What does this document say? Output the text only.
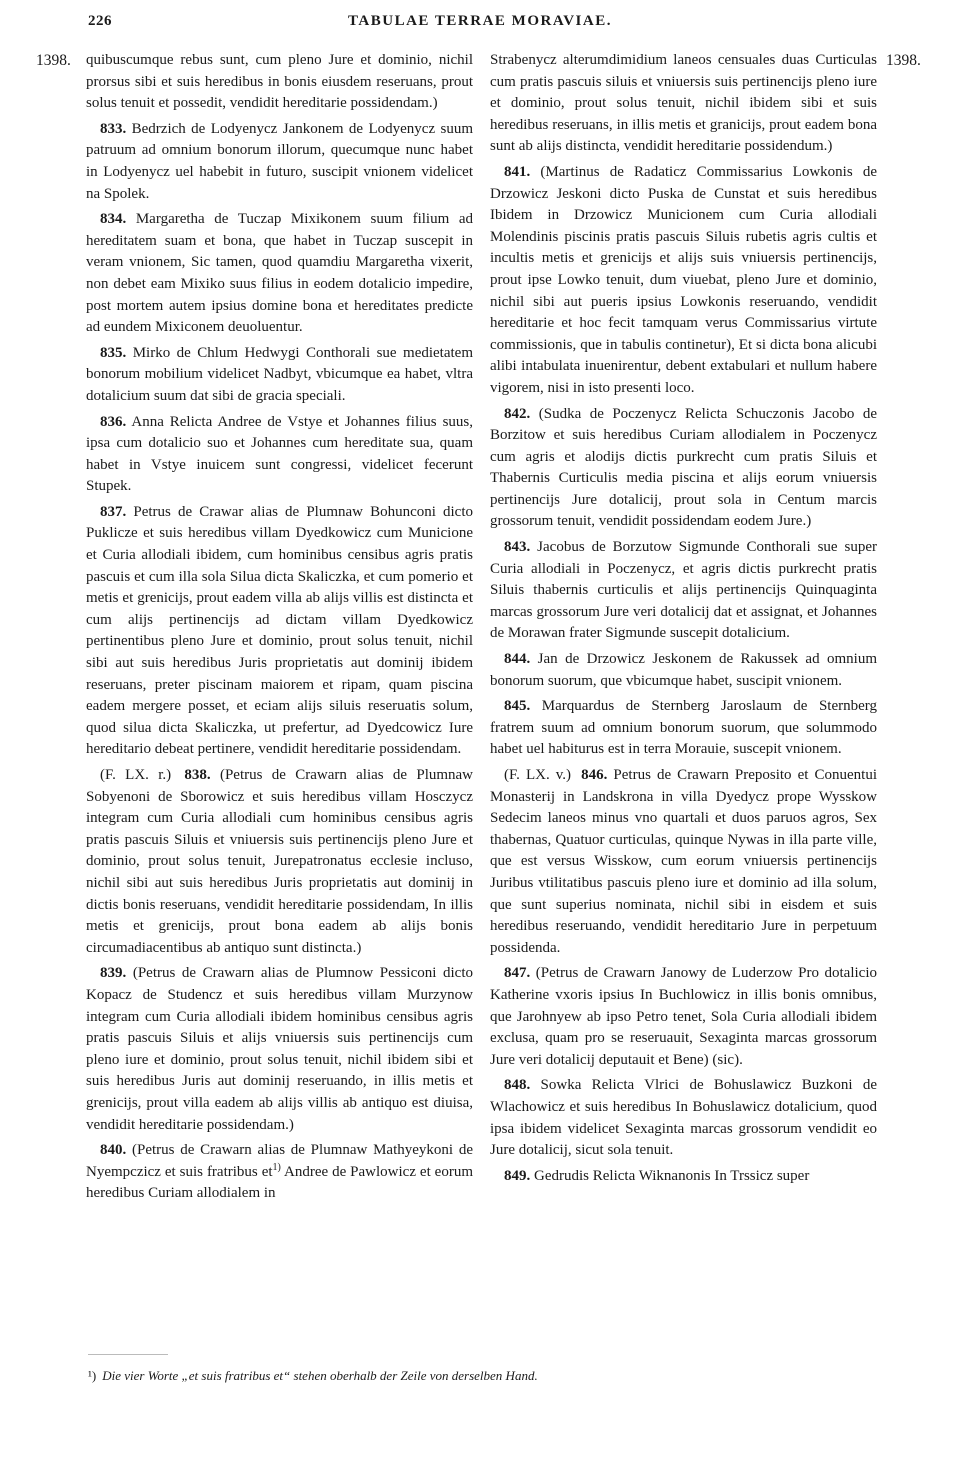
226	TABULAE TERRAE MORAVIAE.
1398.	1398.

quibuscumque rebus sunt, cum pleno Jure et dominio, nichil prorsus sibi et suis heredibus in bonis eiusdem reseruans, prout solus tenuit et possedit, vendidit hereditarie possidendam.)

833. Bedrzich de Lodyenycz Jankonem de Lodyenycz suum patruum ad omnium bonorum illorum, quecumque nunc habet in Lodyenycz uel habebit in futuro, suscipit vnionem videlicet na Spolek.

834. Margaretha de Tuczap Mixikonem suum filium ad hereditatem suam et bona, que habet in Tuczap suscepit in veram vnionem, Sic tamen, quod quamdiu Margaretha vixerit, non debet eam Mixiko suus filius in eodem dotalicio impedire, post mortem autem ipsius domine bona et hereditates predicte ad eundem Mixiconem deuoluentur.

835. Mirko de Chlum Hedwygi Conthorali sue medietatem bonorum mobilium videlicet Nadbyt, vbicumque ea habet, vltra dotalicium suum dat sibi de gracia speciali.

836. Anna Relicta Andree de Vstye et Johannes filius suus, ipsa cum dotalicio suo et Johannes cum hereditate sua, quam habet in Vstye inuicem sunt congressi, videlicet fecerunt Stupek.

837. Petrus de Crawar alias de Plumnaw Bohunconi dicto Puklicze et suis heredibus villam Dyedkowicz cum Municione et Curia allodiali ibidem, cum hominibus censibus agris pratis pascuis et cum illa sola Silua dicta Skaliczka, et cum pomerio et metis et grenicijs, prout eadem villa ab alijs villis est distincta et cum alijs pertinencijs ad dictam villam Dyedkowicz pertinentibus pleno Jure et dominio, prout solus tenuit, nichil sibi aut suis heredibus Juris proprietatis aut dominij ibidem reseruans, preter piscinam maiorem et ripam, quam piscina eadem mergere posset, et eciam alijs siluis reseruatis solum, quod silua dicta Skaliczka, ut prefertur, ad Dyedcowicz Iure hereditario debeat pertinere, vendidit hereditarie possidendam.

(F. LX. r.) 838. (Petrus de Crawarn alias de Plumnaw Sobyenoni de Sborowicz et suis heredibus villam Hosczycz integram cum Curia allodiali cum hominibus censibus agris pratis pascuis Siluis et vniuersis suis pertinencijs pleno Jure et dominio, prout solus tenuit, Jurepatronatus ecclesie incluso, nichil sibi aut suis heredibus Juris proprietatis aut dominij in dictis bonis reseruans, vendidit hereditarie possidendam, In illis metis et grenicijs, prout bona eadem ab alijs bonis circumadiacentibus ab antiquo sunt distincta.)

839. (Petrus de Crawarn alias de Plumnow Pessiconi dicto Kopacz de Studencz et suis heredibus villam Murzynow integram cum Curia allodiali ibidem hominibus censibus agris pratis pascuis Siluis et alijs vniuersis suis pertinencijs cum pleno iure et dominio, prout solus tenuit, nichil ibidem sibi et suis heredibus Juris aut dominij reseruando, in illis metis et grenicijs, prout villa eadem ab alijs villis ab antiquo est diuisa, vendidit hereditarie possidendam.)

840. (Petrus de Crawarn alias de Plumnaw Mathyeykoni de Nyempczicz et suis fratribus $et^{1)}$ Andree de Pawlowicz et eorum heredibus Curiam allodialem in

Strabenycz alterumdimidium laneos censuales duas Curticulas cum pratis pascuis siluis et vniuersis suis pertinencijs pleno iure et dominio, prout solus tenuit, nichil ibidem sibi et suis heredibus reseruans, in illis metis et granicijs, prout eadem bona sunt ab alijs distincta, vendidit hereditarie possidendum.)

841. (Martinus de Radaticz Commissarius Lowkonis de Drzowicz Jeskoni dicto Puska de Cunstat et suis heredibus Ibidem in Drzowicz Municionem cum Curia allodiali Molendinis piscinis pratis pascuis Siluis rubetis agris cultis et incultis metis et grenicijs et alijs suis vniuersis pertinencijs, prout ipse Lowko tenuit, dum viuebat, pleno Jure et dominio, nichil sibi aut pueris ipsius Lowkonis reseruando, vendidit hereditarie et hoc fecit tamquam verus Commissarius virtute commissionis, que in tabulis continetur), Et si dicta bona alicubi alibi intabulata inuenirentur, debent extabulari et nullum habere vigorem, nisi in isto presenti loco.

842. (Sudka de Poczenycz Relicta Schuczonis Jacobo de Borzitow et suis heredibus Curiam allodialem in Poczenycz cum agris et alodijs dictis purkrecht cum pratis Siluis et Thabernis Curticulis media piscina et alijs eorum vniuersis pertinencijs Jure dotalicij, prout sola in Centum marcis grossorum tenuit, vendidit possidendam eodem Jure.)

843. Jacobus de Borzutow Sigmunde Conthorali sue super Curia allodiali in Poczenycz, et agris dictis purkrecht pratis Siluis thabernis curticulis et alijs pertinencijs Quinquaginta marcas grossorum Jure veri dotalicij dat et assignat, et Johannes de Morawan frater Sigmunde suscepit dotalicium.

844. Jan de Drzowicz Jeskonem de Rakussek ad omnium bonorum suorum, que vbicumque habet, suscipit vnionem.

845. Marquardus de Sternberg Jaroslaum de Sternberg fratrem suum ad omnium bonorum suorum, que solummodo habet uel habiturus est in terra Morauie, suscepit vnionem.

(F. LX. v.) 846. Petrus de Crawarn Preposito et Conuentui Monasterij in Landskrona in villa Dyedycz prope Wysskow Sedecim laneos minus vno quartali et duos paruos agros, Sex thabernas, Quatuor curticulas, quinque Nywas in illa parte ville, que est versus Wisskow, cum eorum vniuersis pertinencijs Juribus vtilitatibus pascuis pleno iure et dominio ad illa solum, que sunt superius nominata, nichil sibi in eisdem et suis heredibus reseruando, vendidit hereditario Jure in perpetuum possidenda.

847. (Petrus de Crawarn Janowy de Luderzow Pro dotalicio Katherine vxoris ipsius In Buchlowicz in illis bonis omnibus, que Jarohnyew ab ipso Petro tenet, Sola Curia allodiali ibidem exclusa, quam pro se reseruauit, Sexaginta marcas grossorum Jure veri dotalicij deputauit et Bene) (sic).

848. Sowka Relicta Vlrici de Bohuslawicz Buzkoni de Wlachowicz et suis heredibus In Bohuslawicz dotalicium, quod ipsa ibidem videlicet Sexaginta marcas grossorum vendidit eo Jure dotalicij, sicut sola tenuit.

849. Gedrudis Relicta Wiknanonis In Trssicz super

¹) Die vier Worte „et suis fratribus et“ stehen oberhalb der Zeile von derselben Hand.
